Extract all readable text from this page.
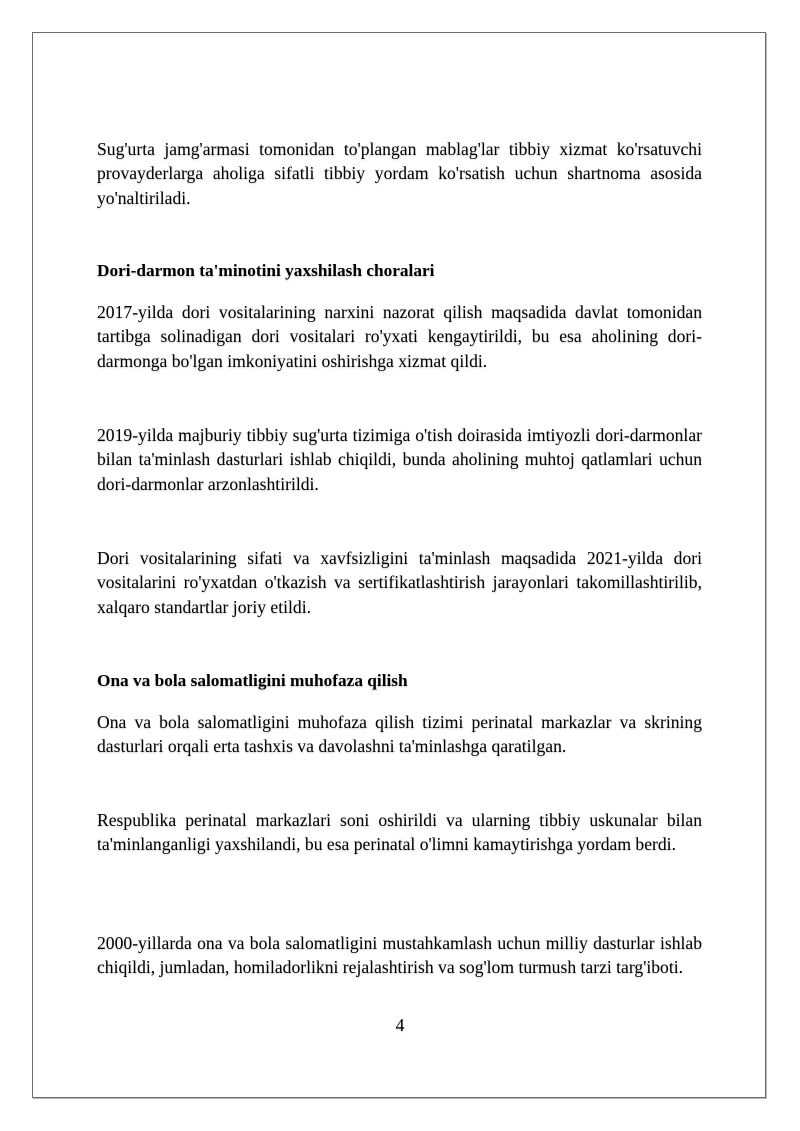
Sug'urta jamg'armasi tomonidan to'plangan mablag'lar tibbiy xizmat ko'rsatuvchi provayderlarga aholiga sifatli tibbiy yordam ko'rsatish uchun shartnoma asosida yo'naltiriladi.

Dori-darmon ta'minotini yaxshilash choralari

2017-yilda dori vositalarining narxini nazorat qilish maqsadida davlat tomonidan tartibga solinadigan dori vositalari ro'yxati kengaytirildi, bu esa aholining dori-darmonga bo'lgan imkoniyatini oshirishga xizmat qildi.

2019-yilda majburiy tibbiy sug'urta tizimiga o'tish doirasida imtiyozli dori-darmonlar bilan ta'minlash dasturlari ishlab chiqildi, bunda aholining muhtoj qatlamlari uchun dori-darmonlar arzonlashtirildi.

Dori vositalarining sifati va xavfsizligini ta'minlash maqsadida 2021-yilda dori vositalarini ro'yxatdan o'tkazish va sertifikatlashtirish jarayonlari takomillashtirilib, xalqaro standartlar joriy etildi.

Ona va bola salomatligini muhofaza qilish

Ona va bola salomatligini muhofaza qilish tizimi perinatal markazlar va skrining dasturlari orqali erta tashxis va davolashni ta'minlashga qaratilgan.

Respublika perinatal markazlari soni oshirildi va ularning tibbiy uskunalar bilan ta'minlanganligi yaxshilandi, bu esa perinatal o'limni kamaytirishga yordam berdi.

2000-yillarda ona va bola salomatligini mustahkamlash uchun milliy dasturlar ishlab chiqildi, jumladan, homiladorlikni rejalashtirish va sog'lom turmush tarzi targ'iboti.

4
